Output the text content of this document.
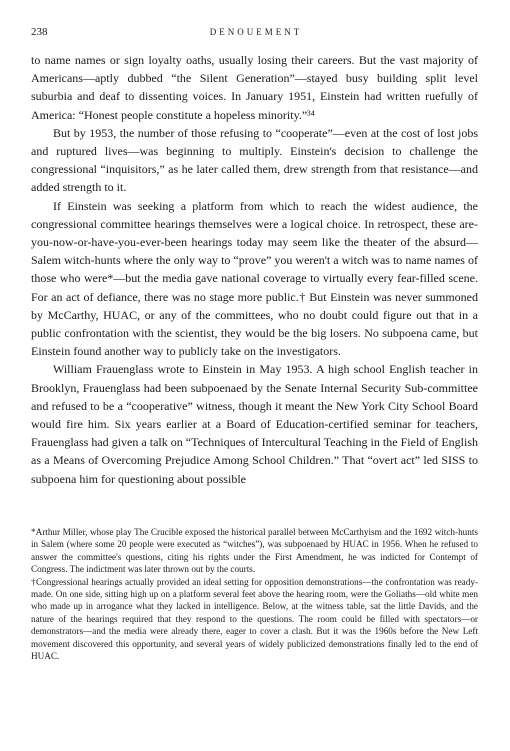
238	DENOUEMENT

to name names or sign loyalty oaths, usually losing their careers. But the vast majority of Americans—aptly dubbed “the Silent Generation”—stayed busy building split level suburbia and deaf to dissenting voices. In January 1951, Einstein had written ruefully of America: “Honest people constitute a hopeless minority.”³⁴

But by 1953, the number of those refusing to “cooperate”—even at the cost of lost jobs and ruptured lives—was beginning to multiply. Einstein's decision to challenge the congressional “inquisitors,” as he later called them, drew strength from that resistance—and added strength to it.

If Einstein was seeking a platform from which to reach the widest audience, the congressional committee hearings themselves were a logical choice. In retrospect, these are-you-now-or-have-you-ever-been hearings today may seem like the theater of the absurd—Salem witch-hunts where the only way to “prove” you weren't a witch was to name names of those who were*—but the media gave national coverage to virtually every fear-filled scene. For an act of defiance, there was no stage more public.† But Einstein was never summoned by McCarthy, HUAC, or any of the committees, who no doubt could figure out that in a public confrontation with the scientist, they would be the big losers. No subpoena came, but Einstein found another way to publicly take on the investigators.

William Frauenglass wrote to Einstein in May 1953. A high school English teacher in Brooklyn, Frauenglass had been subpoenaed by the Senate Internal Security Sub-committee and refused to be a “cooperative” witness, though it meant the New York City School Board would fire him. Six years earlier at a Board of Education-certified seminar for teachers, Frauenglass had given a talk on “Techniques of Intercultural Teaching in the Field of English as a Means of Overcoming Prejudice Among School Children.” That “overt act” led SISS to subpoena him for questioning about possible

*Arthur Miller, whose play The Crucible exposed the historical parallel between McCarthyism and the 1692 witch-hunts in Salem (where some 20 people were executed as “witches”), was subpoenaed by HUAC in 1956. When he refused to answer the committee's questions, citing his rights under the First Amendment, he was indicted for Contempt of Congress. The indictment was later thrown out by the courts.

†Congressional hearings actually provided an ideal setting for opposition demonstrations—the confrontation was ready-made. On one side, sitting high up on a platform several feet above the hearing room, were the Goliaths—old white men who made up in arrogance what they lacked in intelligence. Below, at the witness table, sat the little Davids, and the nature of the hearings required that they respond to the questions. The room could be filled with spectators—or demonstrators—and the media were already there, eager to cover a clash. But it was the 1960s before the New Left movement discovered this opportunity, and several years of widely publicized demonstrations finally led to the end of HUAC.
